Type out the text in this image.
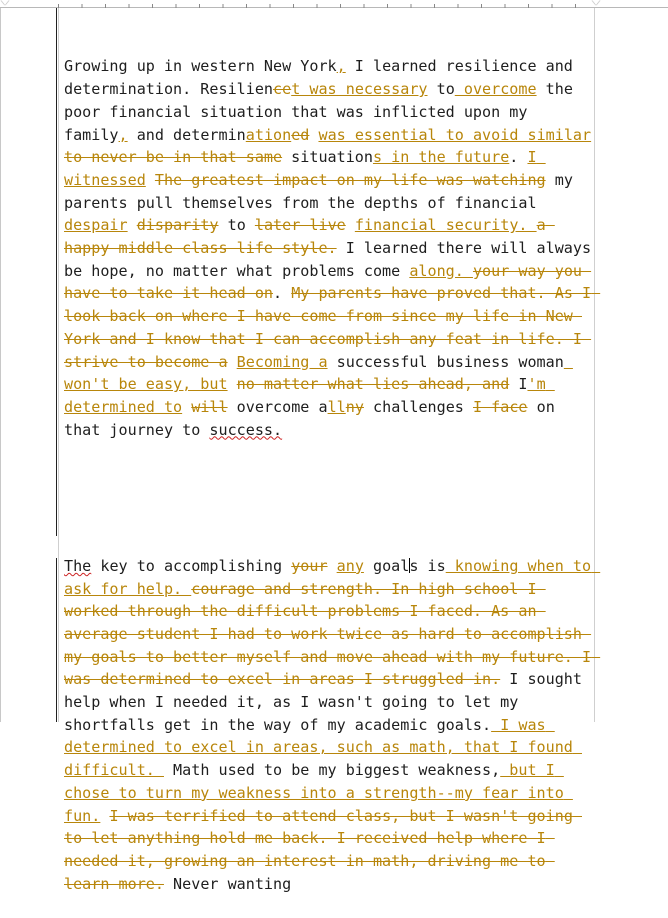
Growing up in western New York, I learned resilience and determination. Resiliencet was necessary to overcome the poor financial situation that was inflicted upon my family, and determinationed was essential to avoid similar to never be in that same situations in the future. I witnessed The greatest impact on my life was watching my parents pull themselves from the depths of financial despair disparity to later live financial security. a happy middle class life style. I learned there will always be hope, no matter what problems come along. your way you have to take it head on. My parents have proved that. As I look back on where I have come from since my life in New York and I know that I can accomplish any feat in life. I strive to become a Becoming a successful business woman won't be easy, but no matter what lies ahead, and I'm determined to will overcome allny challenges I face on that journey to success.

The key to accomplishing your any goals is knowing when to ask for help. courage and strength. In high school I worked through the difficult problems I faced. As an average student I had to work twice as hard to accomplish my goals to better myself and move ahead with my future. I was determined to excel in areas I struggled in. I sought help when I needed it, as I wasn't going to let my shortfalls get in the way of my academic goals. I was determined to excel in areas, such as math, that I found difficult.  Math used to be my biggest weakness, but I chose to turn my weakness into a strength--my fear into fun. I was terrified to attend class, but I wasn't going to let anything hold me back. I received help where I needed it, growing an interest in math, driving me to learn more. Never wanting
